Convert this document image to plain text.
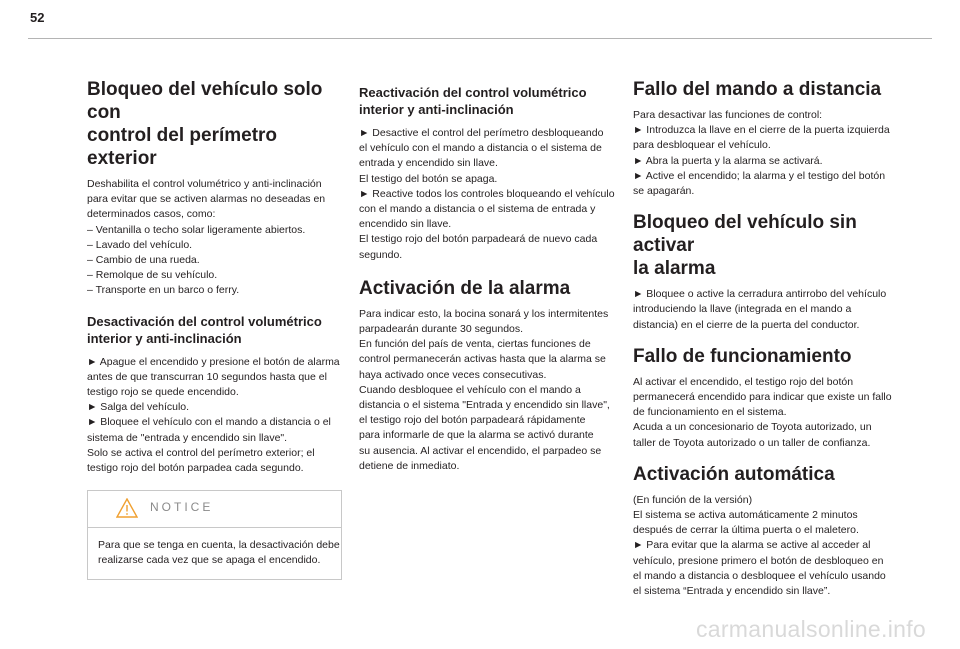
52
Bloqueo del vehículo solo con
control del perímetro exterior
Deshabilita el control volumétrico y anti-inclinación
para evitar que se activen alarmas no deseadas en
determinados casos, como:
– Ventanilla o techo solar ligeramente abiertos.
– Lavado del vehículo.
– Cambio de una rueda.
– Remolque de su vehículo.
– Transporte en un barco o ferry.
Desactivación del control volumétrico
interior y anti-inclinación
► Apague el encendido y presione el botón de alarma
antes de que transcurran 10 segundos hasta que el
testigo rojo se quede encendido.
► Salga del vehículo.
► Bloquee el vehículo con el mando a distancia o el
sistema de "entrada y encendido sin llave".
Solo se activa el control del perímetro exterior; el
testigo rojo del botón parpadea cada segundo.
NOTICE
Para que se tenga en cuenta, la desactivación debe
realizarse cada vez que se apaga el encendido.
Reactivación del control volumétrico
interior y anti-inclinación
► Desactive el control del perímetro desbloqueando
el vehículo con el mando a distancia o el sistema de
entrada y encendido sin llave.
El testigo del botón se apaga.
► Reactive todos los controles bloqueando el vehículo
con el mando a distancia o el sistema de entrada y
encendido sin llave.
El testigo rojo del botón parpadeará de nuevo cada
segundo.
Activación de la alarma
Para indicar esto, la bocina sonará y los intermitentes
parpadearán durante 30 segundos.
En función del país de venta, ciertas funciones de
control permanecerán activas hasta que la alarma se
haya activado once veces consecutivas.
Cuando desbloquee el vehículo con el mando a
distancia o el sistema "Entrada y encendido sin llave",
el testigo rojo del botón parpadeará rápidamente
para informarle de que la alarma se activó durante
su ausencia. Al activar el encendido, el parpadeo se
detiene de inmediato.
Fallo del mando a distancia
Para desactivar las funciones de control:
► Introduzca la llave en el cierre de la puerta izquierda
para desbloquear el vehículo.
► Abra la puerta y la alarma se activará.
► Active el encendido; la alarma y el testigo del botón
se apagarán.
Bloqueo del vehículo sin activar
la alarma
► Bloquee o active la cerradura antirrobo del vehículo
introduciendo la llave (integrada en el mando a
distancia) en el cierre de la puerta del conductor.
Fallo de funcionamiento
Al activar el encendido, el testigo rojo del botón
permanecerá encendido para indicar que existe un fallo
de funcionamiento en el sistema.
Acuda a un concesionario de Toyota autorizado, un
taller de Toyota autorizado o un taller de confianza.
Activación automática
(En función de la versión)
El sistema se activa automáticamente 2 minutos
después de cerrar la última puerta o el maletero.
► Para evitar que la alarma se active al acceder al
vehículo, presione primero el botón de desbloqueo en
el mando a distancia o desbloquee el vehículo usando
el sistema “Entrada y encendido sin llave”.
carmanualsonline.info
